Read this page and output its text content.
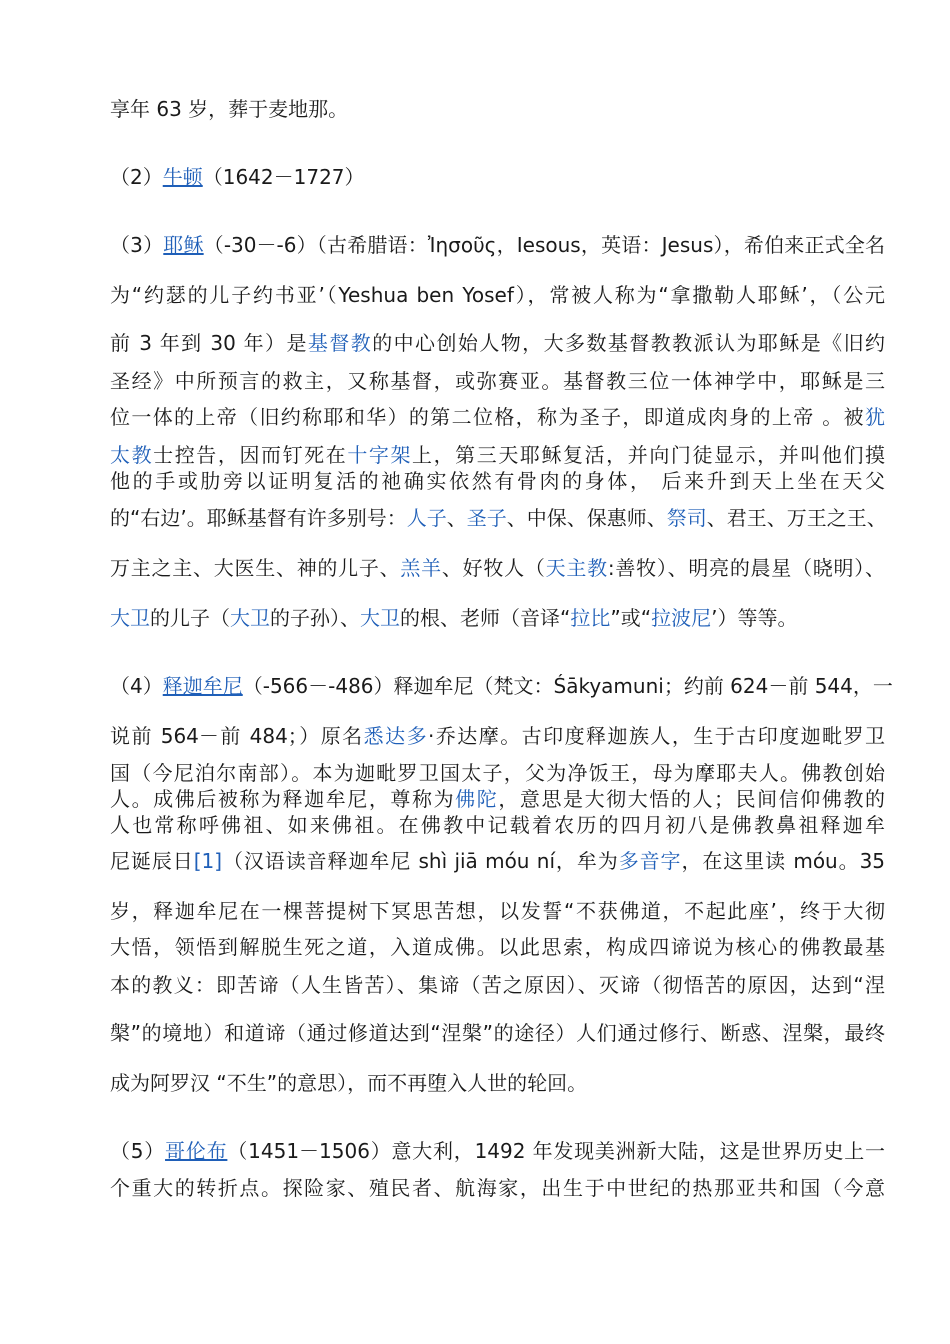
享年 63 岁，葬于麦地那。
（2）牛顿（1642－1727）
（3）耶稣（-30－-6）（古希腊语：Ἰησοῦς，Iesous，英语：Jesus），希伯来正式全名
为“约瑟的儿子约书亚’（Yeshua ben Yosef），常被人称为“拿撒勒人耶稣’，（公元
前 3 年到 30 年）是基督教的中心创始人物，大多数基督教教派认为耶稣是《旧约
圣经》中所预言的救主，又称基督，或弥赛亚。基督教三位一体神学中，耶稣是三
位一体的上帝（旧约称耶和华）的第二位格，称为圣子，即道成肉身的上帝 。被犹
太教士控告，因而钉死在十字架上，第三天耶稣复活，并向门徒显示，并叫他们摸
他的手或肋旁以证明复活的祂确实依然有骨肉的身体， 后来升到天上坐在天父
的“右边’。耶稣基督有许多别号：人子、圣子、中保、保惠师、祭司、君王、万王之王、
万主之主、大医生、神的儿子、羔羊、好牧人（天主教:善牧）、明亮的晨星（晓明）、
大卫的儿子（大卫的子孙）、大卫的根、老师（音译“拉比”或“拉波尼’）等等。
（4）释迦牟尼（-566－-486）释迦牟尼（梵文：Śākyamuni；约前 624－前 544，一
说前 564－前 484；）原名悉达多·乔达摩。古印度释迦族人，生于古印度迦毗罗卫
国（今尼泊尔南部）。本为迦毗罗卫国太子，父为净饭王，母为摩耶夫人。佛教创始
人。成佛后被称为释迦牟尼，尊称为佛陀，意思是大彻大悟的人；民间信仰佛教的
人也常称呼佛祖、如来佛祖。在佛教中记载着农历的四月初八是佛教鼻祖释迦牟
尼诞辰日[1]（汉语读音释迦牟尼 shì jiā móu ní，牟为多音字，在这里读 móu。35
岁，释迦牟尼在一棵菩提树下冥思苦想，以发誓“不获佛道，不起此座’，终于大彻
大悟，领悟到解脱生死之道，入道成佛。以此思索，构成四谛说为核心的佛教最基
本的教义：即苦谛（人生皆苦）、集谛（苦之原因）、灭谛（彻悟苦的原因，达到“涅
槃”的境地）和道谛（通过修道达到“涅槃”的途径）人们通过修行、断惑、涅槃，最终
成为阿罗汉 “不生”的意思），而不再堕入人世的轮回。
（5）哥伦布（1451－1506）意大利，1492 年发现美洲新大陆，这是世界历史上一
个重大的转折点。探险家、殖民者、航海家，出生于中世纪的热那亚共和国（今意
